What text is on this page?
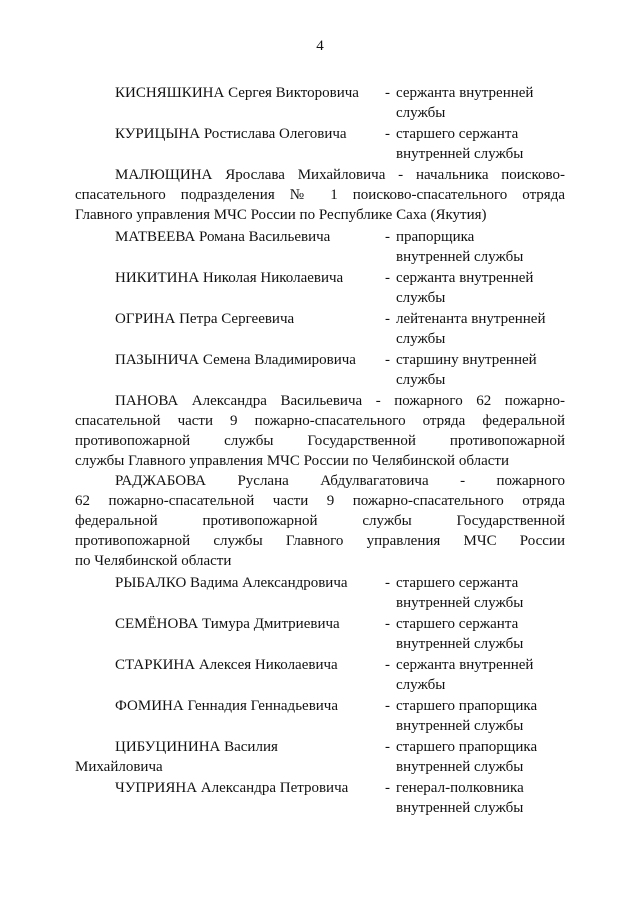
4
КИСНЯШКИНА Сергея Викторовича - сержанта внутренней
службы
КУРИЦЫНА Ростислава Олеговича	- старшего сержанта
внутренней службы
МАЛЮЩИНА Ярослава Михайловича - начальника поисково-
спасательного подразделения № 1 поисково-спасательного отряда
Главного управления МЧС России по Республике Саха (Якутия)
МАТВЕЕВА Романа Васильевича	- прапорщика
внутренней службы
НИКИТИНА Николая Николаевича	- сержанта внутренней
службы
ОГРИНА Петра Сергеевича	- лейтенанта внутренней
службы
ПАЗЫНИЧА Семена Владимировича - старшину внутренней
службы
ПАНОВА Александра Васильевича - пожарного 62 пожарно-
спасательной части 9 пожарно-спасательного отряда федеральной
противопожарной службы Государственной противопожарной
службы Главного управления МЧС России по Челябинской области
РАДЖАБОВА Руслана Абдулвагатовича - пожарного
62 пожарно-спасательной части 9 пожарно-спасательного отряда
федеральной противопожарной службы Государственной
противопожарной службы Главного управления МЧС России
по Челябинской области
РЫБАЛКО Вадима Александровича - старшего сержанта
внутренней службы
СЕМЁНОВА Тимура Дмитриевича	- старшего сержанта
внутренней службы
СТАРКИНА Алексея Николаевича	- сержанта внутренней
службы
ФОМИНА Геннадия Геннадьевича	- старшего прапорщика
внутренней службы
ЦИБУЦИНИНА Василия
Михайловича
- старшего прапорщика
внутренней службы
ЧУПРИЯНА Александра Петровича - генерал-полковника
внутренней службы
